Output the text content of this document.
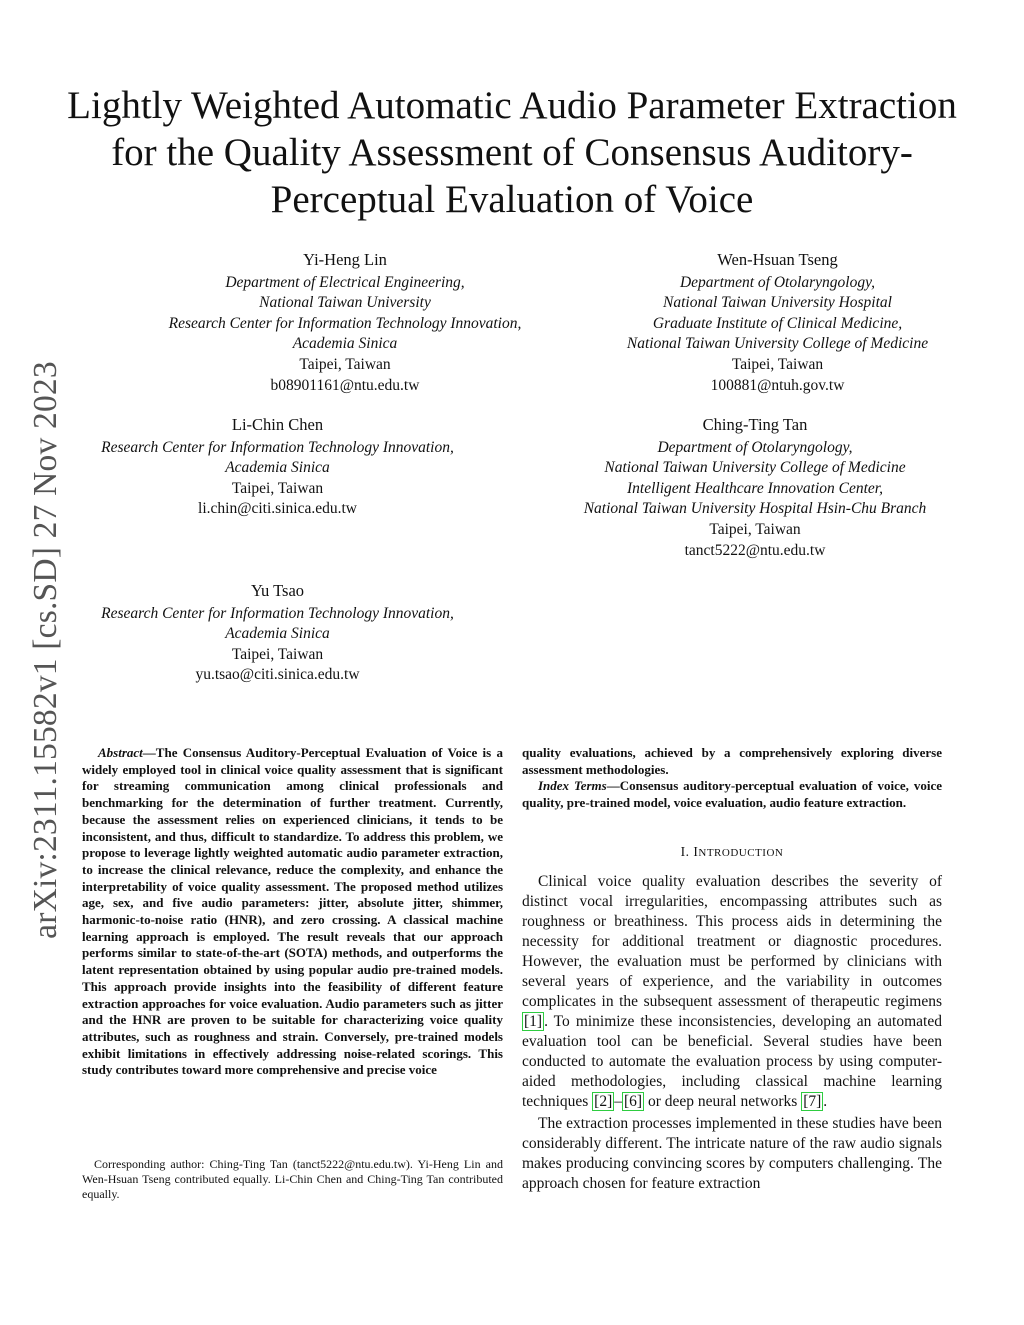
Lightly Weighted Automatic Audio Parameter Extraction for the Quality Assessment of Consensus Auditory-Perceptual Evaluation of Voice
arXiv:2311.15582v1 [cs.SD] 27 Nov 2023
Yi-Heng Lin
Department of Electrical Engineering,
National Taiwan University
Research Center for Information Technology Innovation,
Academia Sinica
Taipei, Taiwan
b08901161@ntu.edu.tw
Wen-Hsuan Tseng
Department of Otolaryngology,
National Taiwan University Hospital
Graduate Institute of Clinical Medicine,
National Taiwan University College of Medicine
Taipei, Taiwan
100881@ntuh.gov.tw
Li-Chin Chen
Research Center for Information Technology Innovation,
Academia Sinica
Taipei, Taiwan
li.chin@citi.sinica.edu.tw
Ching-Ting Tan
Department of Otolaryngology,
National Taiwan University College of Medicine
Intelligent Healthcare Innovation Center,
National Taiwan University Hospital Hsin-Chu Branch
Taipei, Taiwan
tanct5222@ntu.edu.tw
Yu Tsao
Research Center for Information Technology Innovation,
Academia Sinica
Taipei, Taiwan
yu.tsao@citi.sinica.edu.tw
Abstract—The Consensus Auditory-Perceptual Evaluation of Voice is a widely employed tool in clinical voice quality assessment that is significant for streaming communication among clinical professionals and benchmarking for the determination of further treatment. Currently, because the assessment relies on experienced clinicians, it tends to be inconsistent, and thus, difficult to standardize. To address this problem, we propose to leverage lightly weighted automatic audio parameter extraction, to increase the clinical relevance, reduce the complexity, and enhance the interpretability of voice quality assessment. The proposed method utilizes age, sex, and five audio parameters: jitter, absolute jitter, shimmer, harmonic-to-noise ratio (HNR), and zero crossing. A classical machine learning approach is employed. The result reveals that our approach performs similar to state-of-the-art (SOTA) methods, and outperforms the latent representation obtained by using popular audio pre-trained models. This approach provide insights into the feasibility of different feature extraction approaches for voice evaluation. Audio parameters such as jitter and the HNR are proven to be suitable for characterizing voice quality attributes, such as roughness and strain. Conversely, pre-trained models exhibit limitations in effectively addressing noise-related scorings. This study contributes toward more comprehensive and precise voice
Corresponding author: Ching-Ting Tan (tanct5222@ntu.edu.tw). Yi-Heng Lin and Wen-Hsuan Tseng contributed equally. Li-Chin Chen and Ching-Ting Tan contributed equally.
quality evaluations, achieved by a comprehensively exploring diverse assessment methodologies.
Index Terms—Consensus auditory-perceptual evaluation of voice, voice quality, pre-trained model, voice evaluation, audio feature extraction.
I. INTRODUCTION

Clinical voice quality evaluation describes the severity of distinct vocal irregularities, encompassing attributes such as roughness or breathiness. This process aids in determining the necessity for additional treatment or diagnostic procedures. However, the evaluation must be performed by clinicians with several years of experience, and the variability in outcomes complicates in the subsequent assessment of therapeutic regimens [1] . To minimize these inconsistencies, developing an automated evaluation tool can be beneficial. Several studies have been conducted to automate the evaluation process by using computer-aided methodologies, including classical machine learning techniques [2] – [6] or deep neural networks [7] .

The extraction processes implemented in these studies have been considerably different. The intricate nature of the raw audio signals makes producing convincing scores by computers challenging. The approach chosen for feature extraction
